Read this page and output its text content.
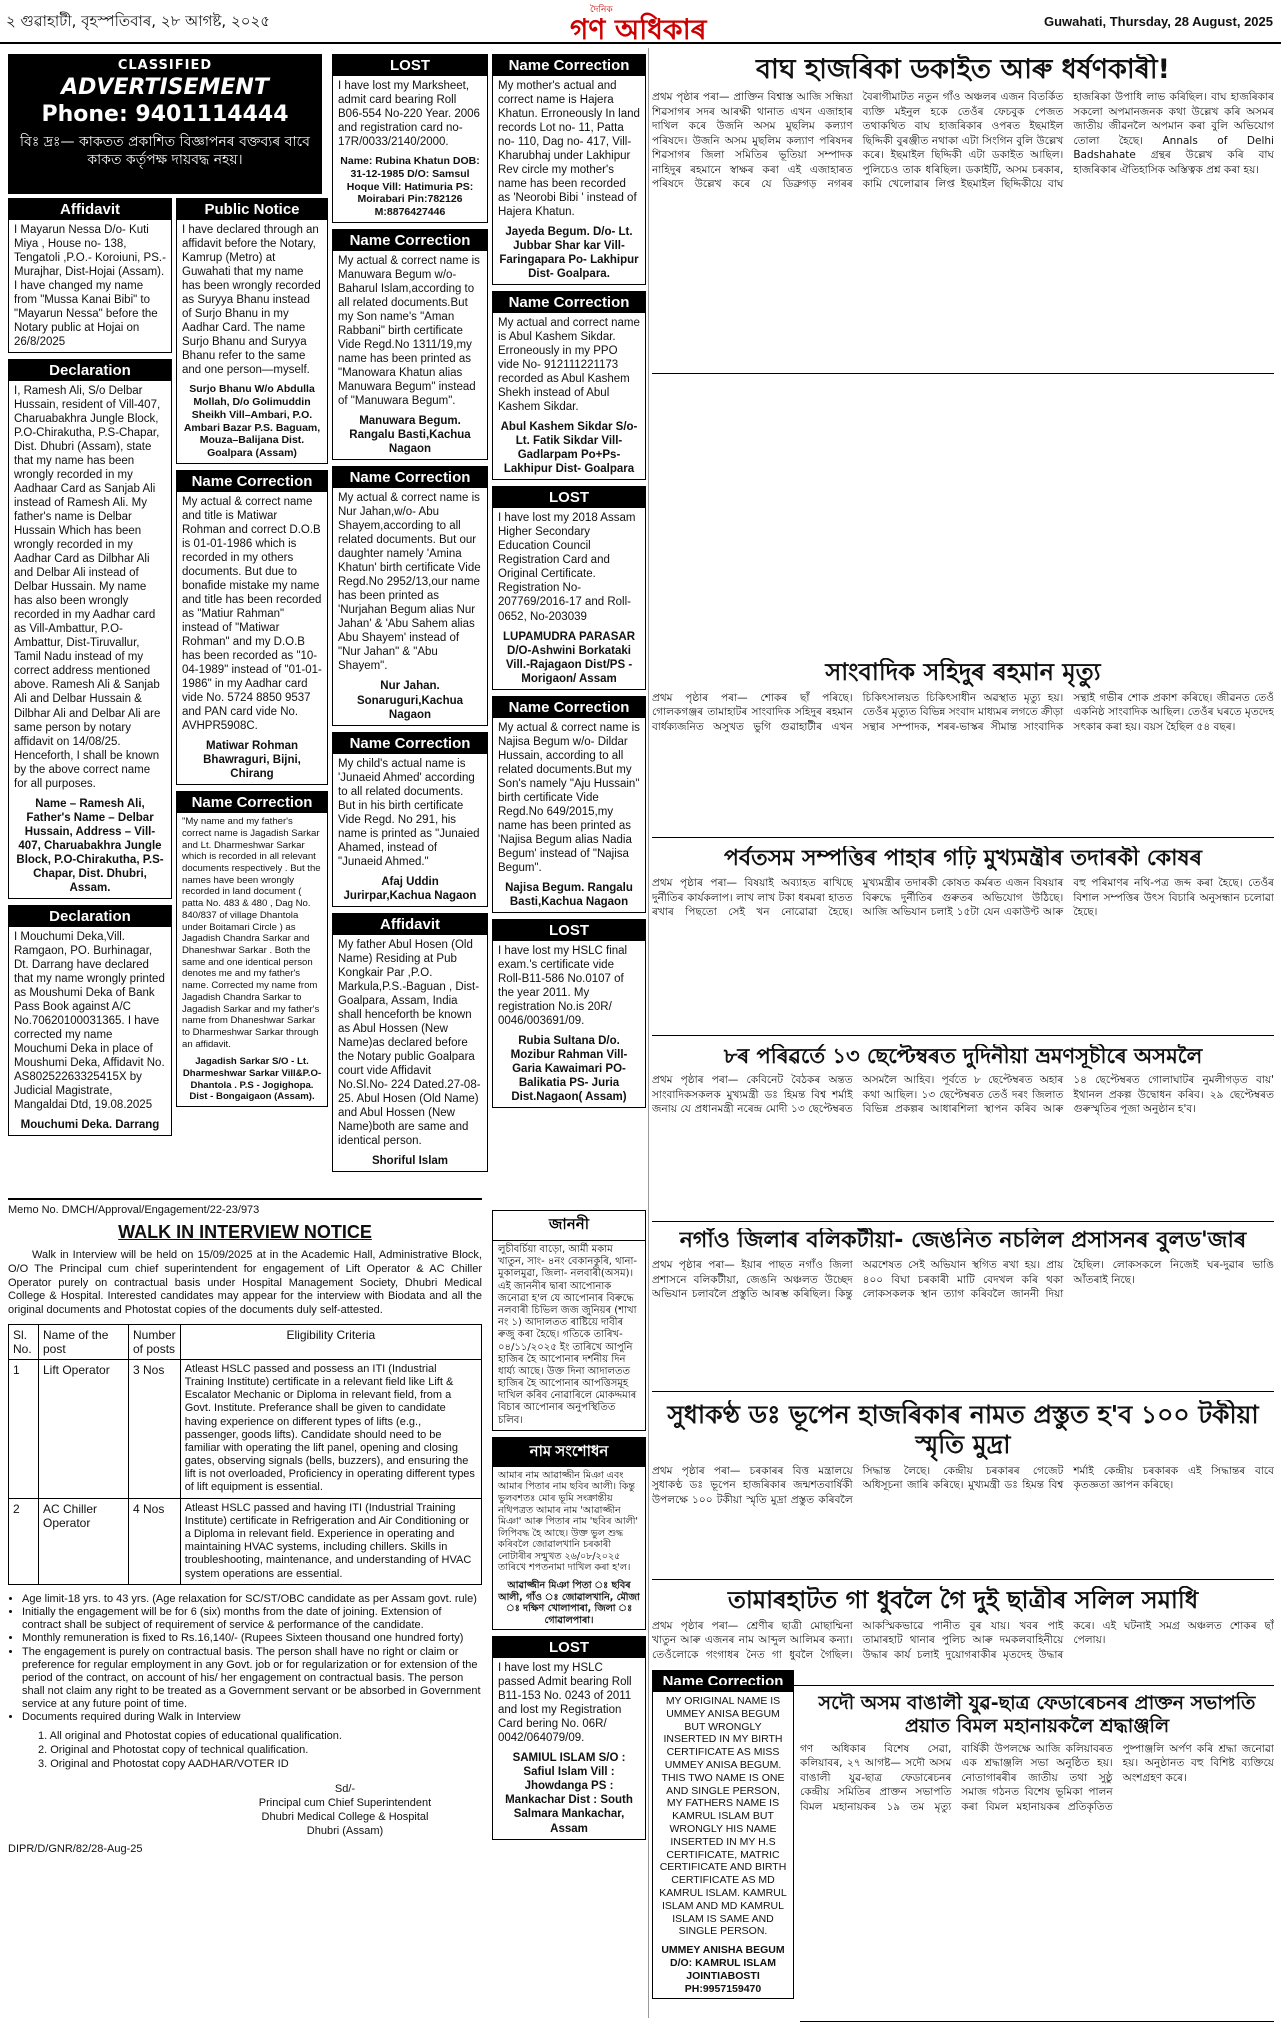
২ গুৱাহাটী, বৃহস্পতিবাৰ, ২৮ আগষ্ট, ২০২৫
দৈনিক
গণ অধিকাৰ	Guwahati, Thursday, 28 August, 2025
CLASSIFIED
ADVERTISEMENT
Phone: 9401114444
বিঃ দ্ৰঃ— কাকতত প্ৰকাশিত বিজ্ঞাপনৰ বক্তব্যৰ বাবে কাকত কৰ্তৃপক্ষ দায়বদ্ধ নহয়।
Affidavit
I Mayarun Nessa D/o- Kuti Miya , House no- 138, Tengatoli ,P.O.- Koroiuni, PS.- Murajhar, Dist-Hojai (Assam). I have changed my name from "Mussa Kanai Bibi" to "Mayarun Nessa" before the Notary public at Hojai on 26/8/2025
Declaration
I, Ramesh Ali, S/o Delbar Hussain, resident of Vill-407, Charuabakhra Jungle Block, P.O-Chirakutha, P.S-Chapar, Dist. Dhubri (Assam), state that my name has been wrongly recorded in my Aadhaar Card as Sanjab Ali instead of Ramesh Ali. My father's name is Delbar Hussain Which has been wrongly recorded in my Aadhar Card as Dilbhar Ali and Delbar Ali instead of Delbar Hussain. My name has also been wrongly recorded in my Aadhar card as Vill-Ambattur, P.O-Ambattur, Dist-Tiruvallur, Tamil Nadu instead of my correct address mentioned above. Ramesh Ali & Sanjab Ali and Delbar Hussain & Dilbhar Ali and Delbar Ali are same person by notary affidavit on 14/08/25. Henceforth, I shall be known by the above correct name for all purposes.
Name – Ramesh Ali, Father's Name – Delbar Hussain, Address – Vill-407, Charuabakhra Jungle Block, P.O-Chirakutha, P.S-Chapar, Dist. Dhubri, Assam.
Declaration
I Mouchumi Deka,Vill. Ramgaon, PO. Burhinagar, Dt. Darrang have declared that my name wrongly printed as Moushumi Deka of Bank Pass Book against A/C No.70620100031365. I have corrected my name Mouchumi Deka in place of Moushumi Deka, Affidavit No. AS80252263325415X by Judicial Magistrate, Mangaldai Dtd, 19.08.2025
Mouchumi Deka. Darrang
Public Notice
I have declared through an affidavit before the Notary, Kamrup (Metro) at Guwahati that my name has been wrongly recorded as Suryya Bhanu instead of Surjo Bhanu in my Aadhar Card. The name Surjo Bhanu and Suryya Bhanu refer to the same and one person—myself.
Surjo Bhanu W/o Abdulla Mollah, D/o Golimuddin Sheikh Vill–Ambari, P.O. Ambari Bazar P.S. Baguam, Mouza–Balijana Dist. Goalpara (Assam)
Name Correction
My actual & correct name and title is Matiwar Rohman and correct D.O.B is 01-01-1986 which is recorded in my others documents. But due to bonafide mistake my name and title has been recorded as "Matiur Rahman" instead of "Matiwar Rohman" and my D.O.B has been recorded as "10-04-1989" instead of "01-01-1986" in my Aadhar card vide No. 5724 8850 9537 and PAN card vide No. AVHPR5908C.
Matiwar Rohman Bhawraguri, Bijni, Chirang
Name Correction
"My name and my father's correct name is Jagadish Sarkar and Lt. Dharmeshwar Sarkar which is recorded in all relevant documents respectively . But the names have been wrongly recorded in land document ( patta No. 483 & 480 , Dag No. 840/837 of village Dhantola under Boitamari Circle ) as Jagadish Chandra Sarkar and Dhaneshwar Sarkar . Both the same and one identical person denotes me and my father's name. Corrected my name from Jagadish Chandra Sarkar to Jagadish Sarkar and my father's name from Dhaneshwar Sarkar to Dharmeshwar Sarkar through an affidavit.
Jagadish Sarkar S/O - Lt. Dharmeshwar Sarkar Vill&P.O- Dhantola . P.S - Jogighopa. Dist - Bongaigaon (Assam).
LOST
I have lost my Marksheet, admit card bearing Roll B06-554 No-220 Year. 2006 and registration card no-17R/0033/2140/2000.
Name: Rubina Khatun DOB: 31-12-1985 D/O: Samsul Hoque Vill: Hatimuria PS: Moirabari Pin:782126 M:8876427446
Name Correction
My actual & correct name is Manuwara Begum w/o- Baharul Islam,according to all related documents.But my Son name's "Aman Rabbani" birth certificate Vide Regd.No 1311/19,my name has been printed as "Manowara Khatun alias Manuwara Begum" instead of "Manuwara Begum".
Manuwara Begum. Rangalu Basti,Kachua Nagaon
Name Correction
My actual & correct name is Nur Jahan,w/o- Abu Shayem,according to all related documents. But our daughter namely 'Amina Khatun' birth certificate Vide Regd.No 2952/13,our name has been printed as 'Nurjahan Begum alias Nur Jahan' & 'Abu Sahem alias Abu Shayem' instead of "Nur Jahan" & "Abu Shayem".
Nur Jahan. Sonaruguri,Kachua Nagaon
Name Correction
My child's actual name is 'Junaeid Ahmed' according to all related documents. But in his birth certificate Vide Regd. No 291, his name is printed as "Junaied Ahamed, instead of "Junaeid Ahmed."
Afaj Uddin Jurirpar,Kachua Nagaon
Affidavit
My father Abul Hosen (Old Name) Residing at Pub Kongkair Par ,P.O. Markula,P.S.-Baguan , Dist- Goalpara, Assam, India shall henceforth be known as Abul Hossen (New Name)as declared before the Notary public Goalpara court vide Affidavit No.Sl.No- 224 Dated.27-08-25. Abul Hosen (Old Name) and Abul Hossen (New Name)both are same and identical person.
Shoriful Islam
Name Correction
My mother's actual and correct name is Hajera Khatun. Erroneously In land records Lot no- 11, Patta no- 110, Dag no- 417, Vill- Kharubhaj under Lakhipur Rev circle my mother's name has been recorded as 'Neorobi Bibi ' instead of Hajera Khatun.
Jayeda Begum. D/o- Lt. Jubbar Shar kar Vill- Faringapara Po- Lakhipur Dist- Goalpara.
Name Correction
My actual and correct name is Abul Kashem Sikdar. Erroneously in my PPO vide No- 912111221173 recorded as Abul Kashem Shekh instead of Abul Kashem Sikdar.
Abul Kashem Sikdar S/o- Lt. Fatik Sikdar Vill- Gadlarpam Po+Ps- Lakhipur Dist- Goalpara
LOST
I have lost my 2018 Assam Higher Secondary Education Council Registration Card and Original Certificate. Registration No-207769/2016-17 and Roll-0652, No-203039
LUPAMUDRA PARASAR D/O-Ashwini Borkataki Vill.-Rajagaon Dist/PS -Morigaon/ Assam
Name Correction
My actual & correct name is Najisa Begum w/o- Dildar Hussain, according to all related documents.But my Son's namely "Aju Hussain" birth certificate Vide Regd.No 649/2015,my name has been printed as 'Najisa Begum alias Nadia Begum' instead of "Najisa Begum".
Najisa Begum. Rangalu Basti,Kachua Nagaon
LOST
I have lost my HSLC final exam.'s certificate vide Roll-B11-586 No.0107 of the year 2011. My registration No.is 20R/ 0046/003691/09.
Rubia Sultana D/o. Mozibur Rahman Vill- Garia Kawaimari PO-Balikatia PS- Juria Dist.Nagaon( Assam)
Memo No. DMCH/Approval/Engagement/22-23/973
WALK IN INTERVIEW NOTICE
Walk in Interview will be held on 15/09/2025 at in the Academic Hall, Administrative Block, O/O The Principal cum chief superintendent for engagement of Lift Operator & AC Chiller Operator purely on contractual basis under Hospital Management Society, Dhubri Medical College & Hospital. Interested candidates may appear for the interview with Biodata and all the original documents and Photostat copies of the documents duly self-attested.
Sl. No.	Name of the post	Number of posts	Eligibility Criteria
1	Lift Operator	3 Nos	Atleast HSLC passed and possess an ITI (Industrial Training Institute) certificate in a relevant field like Lift & Escalator Mechanic or Diploma in relevant field, from a Govt. Institute. Preferance shall be given to candidate having experience on different types of lifts (e.g., passenger, goods lifts). Candidate should need to be familiar with operating the lift panel, opening and closing gates, observing signals (bells, buzzers), and ensuring the lift is not overloaded, Proficiency in operating different types of lift equipment is essential.
2	AC Chiller Operator	4 Nos	Atleast HSLC passed and having ITI (Industrial Training Institute) certificate in Refrigeration and Air Conditioning or a Diploma in relevant field. Experience in operating and maintaining HVAC systems, including chillers. Skills in troubleshooting, maintenance, and understanding of HVAC system operations are essential.
• Age limit-18 yrs. to 43 yrs. (Age relaxation for SC/ST/OBC candidate as per Assam govt. rule)
• Initially the engagement will be for 6 (six) months from the date of joining. Extension of contract shall be subject of requirement of service & performance of the candidate.
• Monthly remuneration is fixed to Rs.16,140/- (Rupees Sixteen thousand one hundred forty)
• The engagement is purely on contractual basis. The person shall have no right or claim or preference for regular employment in any Govt. job or for regularization or for extension of the period of the contract, on account of his/ her engagement on contractual basis. The person shall not claim any right to be treated as a Government servant or be absorbed in Government service at any future point of time.
• Documents required during Walk in Interview
1. All original and Photostat copies of educational qualification.
2. Original and Photostat copy of technical qualification.
3. Original and Photostat copy AADHAR/VOTER ID
Sd/-
Principal cum Chief Superintendent
Dhubri Medical College & Hospital
Dhubri (Assam)
DIPR/D/GNR/82/28-Aug-25
জাননী
লুচীবৰ্চিয়া বাড়ো, আৰ্মী মকাম খাতুন, সাং- ৪নং বেকানকুৰি, থানা- মুকালমুৱা, জিলা- নলবাৰী(অসম)। এই জাননীৰ দ্বাৰা আপোনাক জনোৱা হ'ল যে আপোনাৰ বিৰুদ্ধে নলবাৰী চিভিল জজ জুনিয়ৰ (শাখা নং ১) আদালতত ৰাষ্টিয়ে দাবীৰ ৰুজু কৰা হৈছে। গতিকে তাৰিখ- ০৪/১১/২০২৫ ইং তাৰিখে আপুনি হাজিৰ হৈ আপোনাৰ দৰ্শনীয় দিন ধাৰ্য্য আছে। উক্ত দিনা আদালতত হাজিৰ হৈ আপোনাৰ আপত্তিসমূহ দাখিল কৰিব নোৱাৰিলে মোকদ্দমাৰ বিচাৰ আপোনাৰ অনুপস্থিতিত চলিব।
নাম সংশোধন
আমাৰ নাম আৱাজ্জীন মিঞা এবং আমাৰ পিতাৰ নাম ছবিৰ আলী। কিন্তু ভুলবশতঃ মোৰ ভূমি সংক্ৰান্তীয় নথিপত্ৰত আমাৰ নাম 'আৱাজ্জীন মিঞা' আৰু পিতাৰ নাম 'ছবিৰ আলী' লিপিবদ্ধ হৈ আছে। উক্ত ভুল শুদ্ধ কৰিবলৈ জোৱালখানি চৰকাৰী নোটাৰীৰ সন্মুখত ২৬/০৮/২০২৫ তাৰিখে শপতনামা দাখিল কৰা হ'ল।
আৱাজ্জীন মিঞা পিতা ঃ ছবিৰ আলী, গাঁও ঃ জোৱালখানি, মৌজা ঃ দক্ষিণ খোলাপাৰা, জিলা ঃ গোৱালপাৰা।
LOST
I have lost my HSLC passed Admit bearing Roll B11-153 No. 0243 of 2011 and lost my Registration Card bering No. 06R/ 0042/064079/09.
SAMIUL ISLAM S/O : Safiul Islam Vill : Jhowdanga PS : Mankachar Dist : South Salmara Mankachar, Assam
Name Correction
MY ORIGINAL NAME IS UMMEY ANISA BEGUM BUT WRONGLY INSERTED IN MY BIRTH CERTIFICATE AS MISS UMMEY ANISA BEGUM. THIS TWO NAME IS ONE AND SINGLE PERSON, MY FATHERS NAME IS KAMRUL ISLAM BUT WRONGLY HIS NAME INSERTED IN MY H.S CERTIFICATE, MATRIC CERTIFICATE AND BIRTH CERTIFICATE AS MD KAMRUL ISLAM. KAMRUL ISLAM AND MD KAMRUL ISLAM IS SAME AND SINGLE PERSON.
UMMEY ANISHA BEGUM D/O: KAMRUL ISLAM JOINTIABOSTI PH:9957159470
বাঘ হাজৰিকা ডকাইত আৰু ধৰ্ষণকাৰী!
প্ৰথম পৃষ্ঠাৰ পৰা— প্ৰাক্তিন বিশ্বাস্ত আজি সন্ধিয়া শিৱসাগৰ সদৰ আৰক্ষী থানাত এখন এজাহাৰ দাখিল কৰে উজনি অসম মুছলিম কল্যাণ পৰিষদে। উজনি অসম মুছলিম কল্যাণ পৰিষদৰ শিৱসাগৰ জিলা সমিতিৰ ভূতিয়া সম্পাদক নাহিদুৰ ৰহমানে স্বাক্ষৰ কৰা এই এজাহাৰত পৰিষদে উল্লেখ কৰে যে ডিব্ৰুগড় নগৰৰ বৈৰাগীমাটত নতুন গাঁও অঞ্চলৰ এজন বিতৰ্কিত ব্যক্তি মইনুল হকে তেওঁৰ ফেচবুক পেজত তথাকথিত বাঘ হাজৰিকাৰ ওপৰত ইছমাইল ছিদ্দিকী বুৰঞ্জীত নথাকা এটা সিংগিন বুলি উল্লেখ কৰে। ইছমাইল ছিদ্দিকী এটা ডকাইত আছিল। পুলিচেও তাক ধৰিছিল। ডকাইটি, অসম চৰকাৰ, কামি খেলোৱাৰ লিপ্ত ইছমাইল ছিদ্দিকীয়ে বাঘ হাজৰিকা উপাধি লাভ কৰিছিল। বাঘ হাজৰিকাৰ সকলো অপমানজনক কথা উল্লেখ কৰি অসমৰ জাতীয় জীৱনলৈ অপমান কৰা বুলি অভিযোগ তোলা হৈছে। Annals of Delhi Badshahate গ্ৰন্থৰ উল্লেখ কৰি বাঘ হাজৰিকাৰ ঐতিহাসিক অস্তিত্বক প্ৰশ্ন কৰা হয়।
সাংবাদিক সহিদুৰ ৰহমান মৃত্যু
প্ৰথম পৃষ্ঠাৰ পৰা— শোকৰ ছাঁ পৰিছে। গোলকগঞ্জৰ তামাহাটৰ সাংবাদিক সহিদুৰ ৰহমান বাৰ্ধক্যজনিত অসুখত ভুগি গুৱাহাটীৰ এখন চিকিৎসালয়ত চিকিৎসাধীন অৱস্থাত মৃত্যু হয়। তেওঁৰ মৃত্যুত বিভিন্ন সংবাদ মাধ্যমৰ লগতে ক্ৰীড়া সন্থাৰ সম্পাদক, শৰৰ-ভাস্কৰ সীমান্ত সাংবাদিক সন্থাই গভীৰ শোক প্ৰকাশ কৰিছে। জীৱনত তেওঁ একনিষ্ঠ সাংবাদিক আছিল। তেওঁৰ ঘৰতে মৃতদেহ সৎকাৰ কৰা হয়। বয়স হৈছিল ৫৪ বছৰ।
পৰ্বতসম সম্পত্তিৰ পাহাৰ গঢ়ি মুখ্যমন্ত্ৰীৰ তদাৰকী কোষৰ
প্ৰথম পৃষ্ঠাৰ পৰা— বিষয়াই অব্যাহত ৰাখিছে দুৰ্নীতিৰ কাৰ্যকলাপ। লাখ লাখ টকা ধৰমৰা হাতত ৰখাৰ পিছতো সেই খন নোৱোৱা হৈছে। মুখ্যমন্ত্ৰীৰ তদাৰকী কোষত কৰ্মৰত এজন বিষয়াৰ বিৰুদ্ধে দুৰ্নীতিৰ গুৰুতৰ অভিযোগ উঠিছে। আজি অভিযান চলাই ১৫টা যেন একাউণ্ট আৰু বহু পৰিমাণৰ নথি-পত্ৰ জব্দ কৰা হৈছে। তেওঁৰ বিশাল সম্পত্তিৰ উৎস বিচাৰি অনুসন্ধান চলোৱা হৈছে।
৮ৰ পৰিৱৰ্তে ১৩ ছেপ্টেম্বৰত দুদিনীয়া ভ্ৰমণসূচীৰে অসমলৈ
প্ৰথম পৃষ্ঠাৰ পৰা— কেবিনেট বৈঠকৰ অন্তত সাংবাদিকসকলক মুখ্যমন্ত্ৰী ডঃ হিমন্ত বিশ্ব শৰ্মাই জনায় যে প্ৰধানমন্ত্ৰী নৰেন্দ্ৰ মোদী ১৩ ছেপ্টেম্বৰত অসমলৈ আহিব। পূৰ্বতে ৮ ছেপ্টেম্বৰত অহাৰ কথা আছিল। ১৩ ছেপ্টেম্বৰত তেওঁ দৰং জিলাত বিভিন্ন প্ৰকল্পৰ আধাৰশিলা স্থাপন কৰিব আৰু ১৪ ছেপ্টেম্বৰত গোলাঘাটৰ নুমলীগড়ত বায়' ইথানল প্ৰকল্প উদ্বোধন কৰিব। ২৯ ছেপ্টেম্বৰত গুৰুস্মৃতিৰ পূজা অনুষ্ঠান হ'ব।
নগাঁও জিলাৰ বলিকটীয়া- জেঙনিত নচলিল প্ৰসাসনৰ বুলড'জাৰ
প্ৰথম পৃষ্ঠাৰ পৰা— ইয়াৰ পাছত নগাঁও জিলা প্ৰশাসনে বলিকটীয়া, জেঙনি অঞ্চলত উচ্ছেদ অভিযান চলাবলৈ প্ৰস্তুতি আৰম্ভ কৰিছিল। কিন্তু অৱশেষত সেই অভিযান স্থগিত ৰখা হয়। প্ৰায় ৪০০ বিঘা চৰকাৰী মাটি বেদখল কৰি থকা লোকসকলক স্থান ত্যাগ কৰিবলৈ জাননী দিয়া হৈছিল। লোকসকলে নিজেই ঘৰ-দুৱাৰ ভাঙি আঁতৰাই নিছে।
সুধাকণ্ঠ ডঃ ভূপেন হাজৰিকাৰ নামত প্ৰস্তুত হ'ব ১০০ টকীয়া স্মৃতি মুদ্ৰা
প্ৰথম পৃষ্ঠাৰ পৰা— চৰকাৰৰ বিত্ত মন্ত্ৰালয়ে সুধাকণ্ঠ ডঃ ভূপেন হাজৰিকাৰ জন্মশতবাৰ্ষিকী উপলক্ষে ১০০ টকীয়া স্মৃতি মুদ্ৰা প্ৰস্তুত কৰিবলৈ সিদ্ধান্ত লৈছে। কেন্দ্ৰীয় চৰকাৰৰ গেজেট অধিসূচনা জাৰি কৰিছে। মুখ্যমন্ত্ৰী ডঃ হিমন্ত বিশ্ব শৰ্মাই কেন্দ্ৰীয় চৰকাৰক এই সিদ্ধান্তৰ বাবে কৃতজ্ঞতা জ্ঞাপন কৰিছে।
তামাৰহাটত গা ধুবলৈ গৈ দুই ছাত্ৰীৰ সলিল সমাধি
প্ৰথম পৃষ্ঠাৰ পৰা— শ্ৰেণীৰ ছাত্ৰী মোছাম্মিনা খাতুন আৰু এজনৰ নাম আব্দুল আলিমৰ কন্যা। তেওঁলোকে গংগাধৰ নৈত গা ধুবলৈ গৈছিল। আকস্মিকভাৱে পানীত বুৰ যায়। খবৰ পাই তামাৰহাট থানাৰ পুলিচ আৰু দমকলবাহিনীয়ে উদ্ধাৰ কাৰ্য চলাই দুয়োগৰাকীৰ মৃতদেহ উদ্ধাৰ কৰে। এই ঘটনাই সমগ্ৰ অঞ্চলত শোকৰ ছাঁ পেলায়।
সদৌ অসম বাঙালী যুৱ-ছাত্ৰ ফেডাৰেচনৰ প্ৰাক্তন সভাপতি প্ৰয়াত বিমল মহানায়কলৈ শ্ৰদ্ধাঞ্জলি
গণ অধিকাৰ বিশেষ সেৱা, কলিয়াবৰ, ২৭ আগষ্ট— সদৌ অসম বাঙালী যুৱ-ছাত্ৰ ফেডাৰেচনৰ কেন্দ্ৰীয় সমিতিৰ প্ৰাক্তন সভাপতি বিমল মহানায়কৰ ১৯ তম মৃত্যু বাৰ্ষিকী উপলক্ষে আজি কলিয়াবৰত এক শ্ৰদ্ধাঞ্জলি সভা অনুষ্ঠিত হয়। নোতাগাৰৰীৰ জাতীয় তথা সুষ্ঠু সমাজ গঠনত বিশেষ ভূমিকা পালন কৰা বিমল মহানায়কৰ প্ৰতিকৃতিত পুষ্পাঞ্জলি অৰ্পণ কৰি শ্ৰদ্ধা জনোৱা হয়। অনুষ্ঠানত বহু বিশিষ্ট ব্যক্তিয়ে অংশগ্ৰহণ কৰে।
